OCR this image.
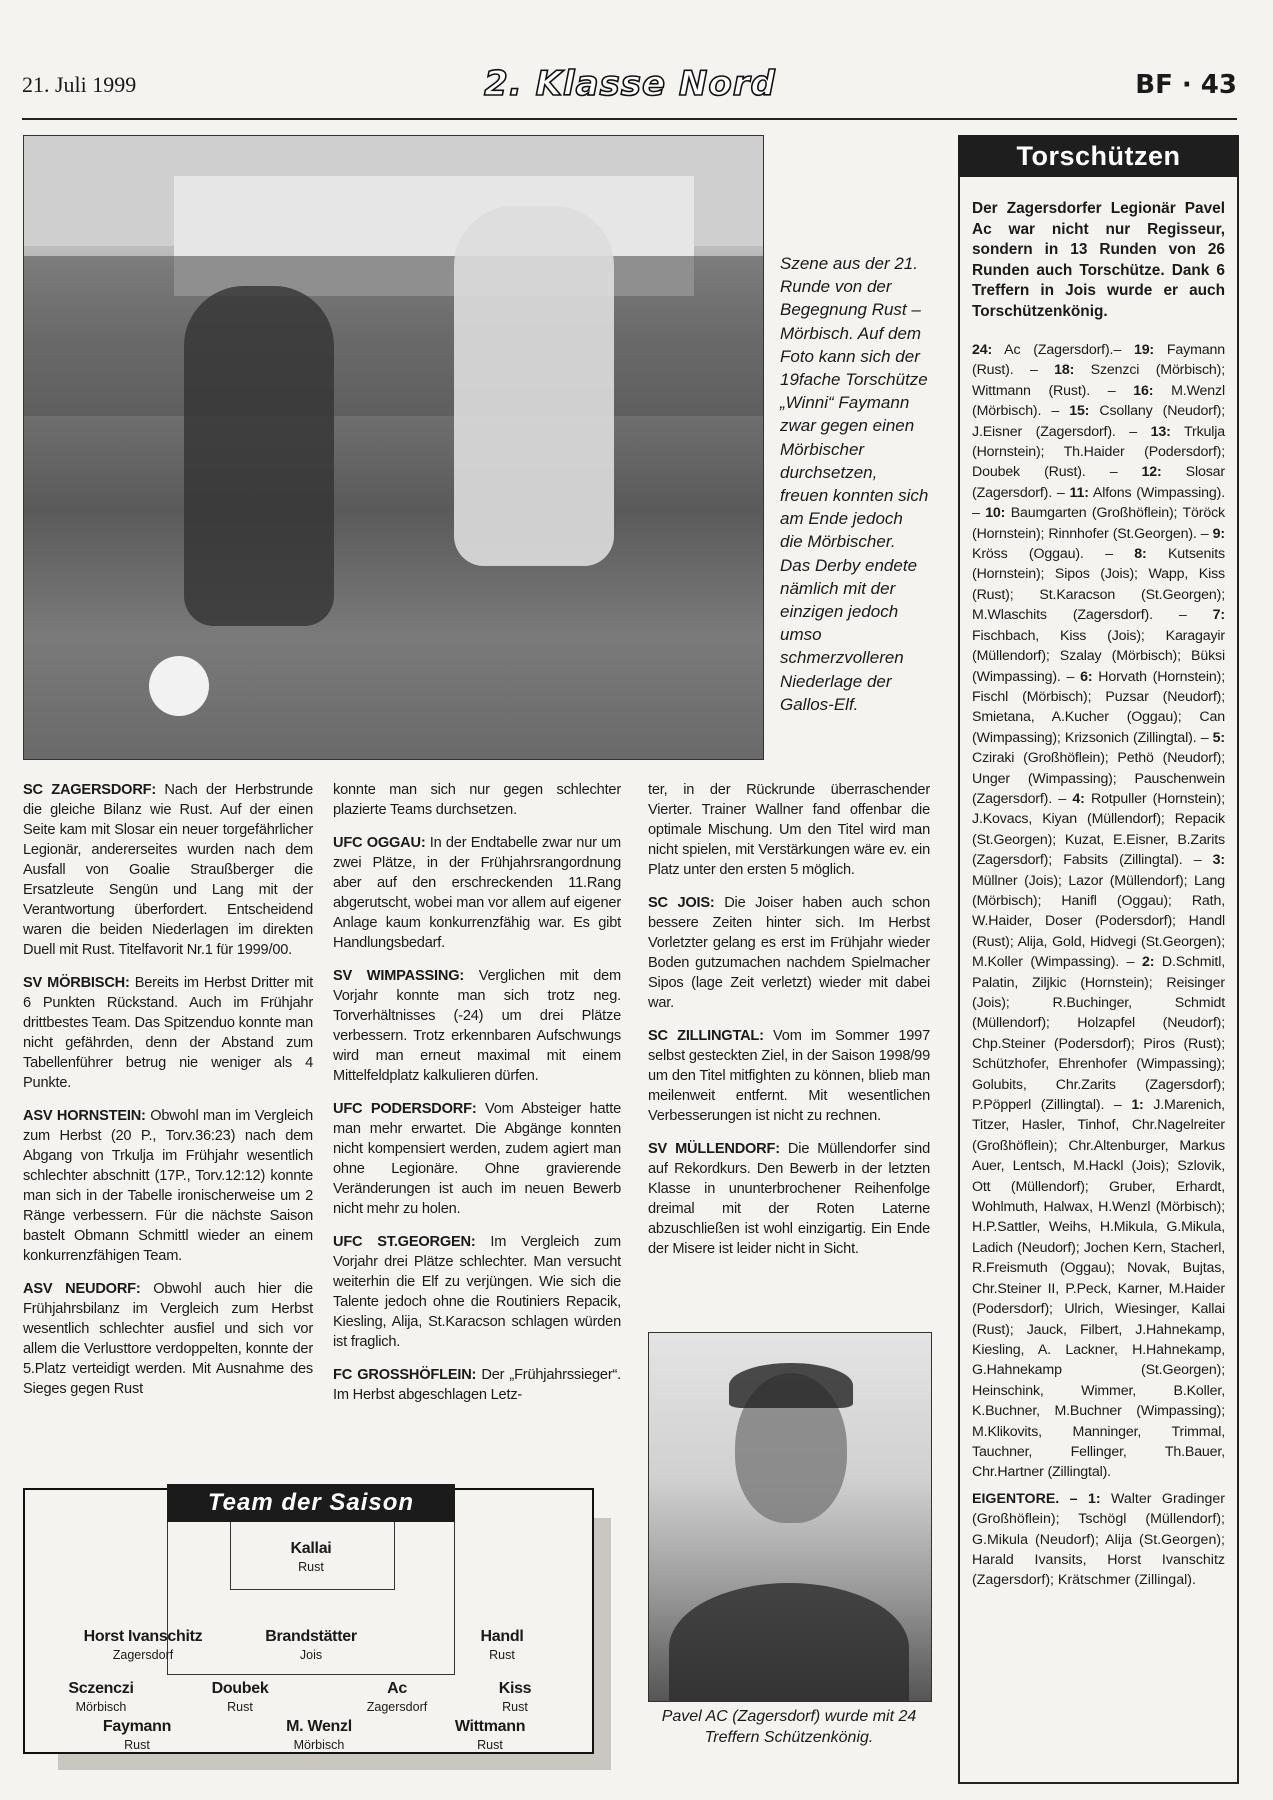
21. Juli 1999	2. Klasse Nord	BF · 43
Szene aus der 21. Runde von der Begegnung Rust – Mörbisch. Auf dem Foto kann sich der 19fache Torschütze „Winni“ Faymann zwar gegen einen Mörbischer durchsetzen, freuen konnten sich am Ende jedoch die Mörbischer. Das Derby endete nämlich mit der einzigen jedoch umso schmerzvolleren Niederlage der Gallos-Elf.

SC ZAGERSDORF: Nach der Herbstrunde die gleiche Bilanz wie Rust. Auf der einen Seite kam mit Slosar ein neuer torgefährlicher Legionär, andererseites wurden nach dem Ausfall von Goalie Straußberger die Ersatzleute Sengün und Lang mit der Verantwortung überfordert. Entscheidend waren die beiden Niederlagen im direkten Duell mit Rust. Titelfavorit Nr.1 für 1999/00.

SV MÖRBISCH: Bereits im Herbst Dritter mit 6 Punkten Rückstand. Auch im Frühjahr drittbestes Team. Das Spitzenduo konnte man nicht gefährden, denn der Abstand zum Tabellenführer betrug nie weniger als 4 Punkte.

ASV HORNSTEIN: Obwohl man im Vergleich zum Herbst (20 P., Torv.36:23) nach dem Abgang von Trkulja im Frühjahr wesentlich schlechter abschnitt (17P., Torv.12:12) konnte man sich in der Tabelle ironischerweise um 2 Ränge verbessern. Für die nächste Saison bastelt Obmann Schmittl wieder an einem konkurrenzfähigen Team.

ASV NEUDORF: Obwohl auch hier die Frühjahrsbilanz im Vergleich zum Herbst wesentlich schlechter ausfiel und sich vor allem die Verlusttore verdoppelten, konnte der 5.Platz verteidigt werden. Mit Ausnahme des Sieges gegen Rust

konnte man sich nur gegen schlechter plazierte Teams durchsetzen.

UFC OGGAU: In der Endtabelle zwar nur um zwei Plätze, in der Frühjahrsrangordnung aber auf den erschreckenden 11.Rang abgerutscht, wobei man vor allem auf eigener Anlage kaum konkurrenzfähig war. Es gibt Handlungsbedarf.

SV WIMPASSING: Verglichen mit dem Vorjahr konnte man sich trotz neg. Torverhältnisses (-24) um drei Plätze verbessern. Trotz erkennbaren Aufschwungs wird man erneut maximal mit einem Mittelfeldplatz kalkulieren dürfen.

UFC PODERSDORF: Vom Absteiger hatte man mehr erwartet. Die Abgänge konnten nicht kompensiert werden, zudem agiert man ohne Legionäre. Ohne gravierende Veränderungen ist auch im neuen Bewerb nicht mehr zu holen.

UFC ST.GEORGEN: Im Vergleich zum Vorjahr drei Plätze schlechter. Man versucht weiterhin die Elf zu verjüngen. Wie sich die Talente jedoch ohne die Routiniers Repacik, Kiesling, Alija, St.Karacson schlagen würden ist fraglich.

FC GROSSHÖFLEIN: Der „Frühjahrssieger“. Im Herbst abgeschlagen Letz-

ter, in der Rückrunde überraschender Vierter. Trainer Wallner fand offenbar die optimale Mischung. Um den Titel wird man nicht spielen, mit Verstärkungen wäre ev. ein Platz unter den ersten 5 möglich.

SC JOIS: Die Joiser haben auch schon bessere Zeiten hinter sich. Im Herbst Vorletzter gelang es erst im Frühjahr wieder Boden gutzumachen nachdem Spielmacher Sipos (lage Zeit verletzt) wieder mit dabei war.

SC ZILLINGTAL: Vom im Sommer 1997 selbst gesteckten Ziel, in der Saison 1998/99 um den Titel mitfighten zu können, blieb man meilenweit entfernt. Mit wesentlichen Verbesserungen ist nicht zu rechnen.

SV MÜLLENDORF: Die Müllendorfer sind auf Rekordkurs. Den Bewerb in der letzten Klasse in ununterbrochener Reihenfolge dreimal mit der Roten Laterne abzuschließen ist wohl einzigartig. Ein Ende der Misere ist leider nicht in Sicht.

Team der Saison
Kallai
Rust
Horst Ivanschitz
Zagersdorf
Brandstätter
Jois
Handl
Rust
Sczenczi
Mörbisch
Doubek
Rust
Ac
Zagersdorf
Kiss
Rust
Faymann
Rust
M. Wenzl
Mörbisch
Wittmann
Rust
Pavel AC (Zagersdorf) wurde mit 24 Treffern Schützenkönig.
Torschützen
Der Zagersdorfer Legionär Pavel Ac war nicht nur Regisseur, sondern in 13 Runden von 26 Runden auch Torschütze. Dank 6 Treffern in Jois wurde er auch Torschützenkönig.
24: Ac (Zagersdorf).– 19: Faymann (Rust). – 18: Szenzci (Mörbisch); Wittmann (Rust). – 16: M.Wenzl (Mörbisch). – 15: Csollany (Neudorf); J.Eisner (Zagersdorf). – 13: Trkulja (Hornstein); Th.Haider (Podersdorf); Doubek (Rust). – 12: Slosar (Zagersdorf). – 11: Alfons (Wimpassing). – 10: Baumgarten (Großhöflein); Töröck (Hornstein); Rinnhofer (St.Georgen). – 9: Kröss (Oggau). – 8: Kutsenits (Hornstein); Sipos (Jois); Wapp, Kiss (Rust); St.Karacson (St.Georgen); M.Wlaschits (Zagersdorf). – 7: Fischbach, Kiss (Jois); Karagayir (Müllendorf); Szalay (Mörbisch); Büksi (Wimpassing). – 6: Horvath (Hornstein); Fischl (Mörbisch); Puzsar (Neudorf); Smietana, A.Kucher (Oggau); Can (Wimpassing); Krizsonich (Zillingtal). – 5: Cziraki (Großhöflein); Pethö (Neudorf); Unger (Wimpassing); Pauschenwein (Zagersdorf). – 4: Rotpuller (Hornstein); J.Kovacs, Kiyan (Müllendorf); Repacik (St.Georgen); Kuzat, E.Eisner, B.Zarits (Zagersdorf); Fabsits (Zillingtal). – 3: Müllner (Jois); Lazor (Müllendorf); Lang (Mörbisch); Hanifl (Oggau); Rath, W.Haider, Doser (Podersdorf); Handl (Rust); Alija, Gold, Hidvegi (St.Georgen); M.Koller (Wimpassing). – 2: D.Schmitl, Palatin, Ziljkic (Hornstein); Reisinger (Jois); R.Buchinger, Schmidt (Müllendorf); Holzapfel (Neudorf); Chp.Steiner (Podersdorf); Piros (Rust); Schützhofer, Ehrenhofer (Wimpassing); Golubits, Chr.Zarits (Zagersdorf); P.Pöpperl (Zillingtal). – 1: J.Marenich, Titzer, Hasler, Tinhof, Chr.Nagelreiter (Großhöflein); Chr.Altenburger, Markus Auer, Lentsch, M.Hackl (Jois); Szlovik, Ott (Müllendorf); Gruber, Erhardt, Wohlmuth, Halwax, H.Wenzl (Mörbisch); H.P.Sattler, Weihs, H.Mikula, G.Mikula, Ladich (Neudorf); Jochen Kern, Stacherl, R.Freismuth (Oggau); Novak, Bujtas, Chr.Steiner II, P.Peck, Karner, M.Haider (Podersdorf); Ulrich, Wiesinger, Kallai (Rust); Jauck, Filbert, J.Hahnekamp, Kiesling, A. Lackner, H.Hahnekamp, G.Hahnekamp (St.Georgen); Heinschink, Wimmer, B.Koller, K.Buchner, M.Buchner (Wimpassing); M.Klikovits, Manninger, Trimmal, Tauchner, Fellinger, Th.Bauer, Chr.Hartner (Zillingtal).
EIGENTORE. – 1: Walter Gradinger (Großhöflein); Tschögl (Müllendorf); G.Mikula (Neudorf); Alija (St.Georgen); Harald Ivansits, Horst Ivanschitz (Zagersdorf); Krätschmer (Zillingal).
